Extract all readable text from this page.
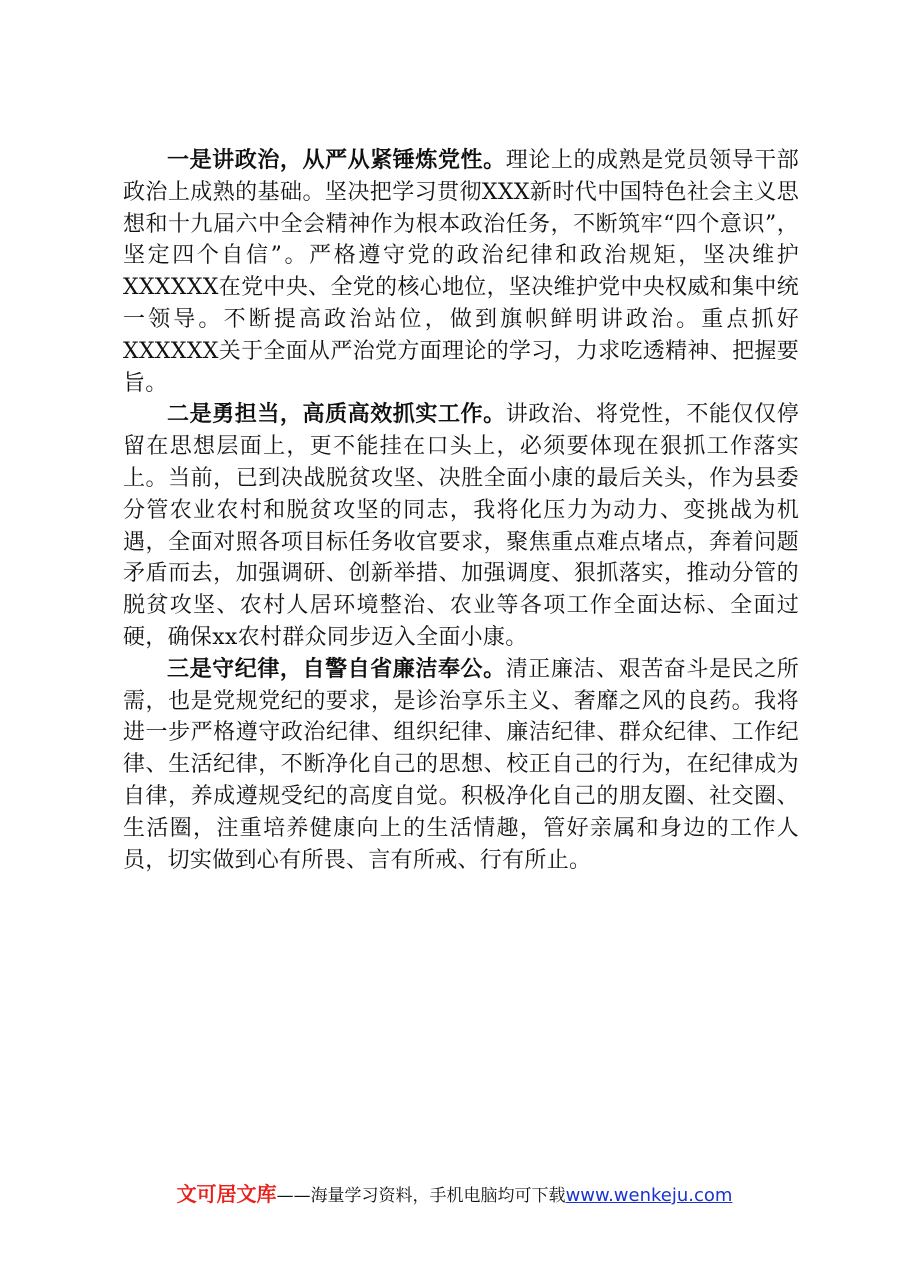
一是讲政治，从严从紧锤炼党性。理论上的成熟是党员领导干部政治上成熟的基础。坚决把学习贯彻XXX新时代中国特色社会主义思想和十九届六中全会精神作为根本政治任务，不断筑牢“四个意识”，坚定四个自信”。严格遵守党的政治纪律和政治规矩，坚决维护XXXXXX在党中央、全党的核心地位，坚决维护党中央权威和集中统一领导。不断提高政治站位，做到旗帜鲜明讲政治。重点抓好XXXXXX关于全面从严治党方面理论的学习，力求吃透精神、把握要旨。

二是勇担当，高质高效抓实工作。讲政治、将党性，不能仅仅停留在思想层面上，更不能挂在口头上，必须要体现在狠抓工作落实上。当前，已到决战脱贫攻坚、决胜全面小康的最后关头，作为县委分管农业农村和脱贫攻坚的同志，我将化压力为动力、变挑战为机遇，全面对照各项目标任务收官要求，聚焦重点难点堵点，奔着问题矛盾而去，加强调研、创新举措、加强调度、狠抓落实，推动分管的脱贫攻坚、农村人居环境整治、农业等各项工作全面达标、全面过硬，确保xx农村群众同步迈入全面小康。

三是守纪律，自警自省廉洁奉公。清正廉洁、艰苦奋斗是民之所需，也是党规党纪的要求，是诊治享乐主义、奢靡之风的良药。我将进一步严格遵守政治纪律、组织纪律、廉洁纪律、群众纪律、工作纪律、生活纪律，不断净化自己的思想、校正自己的行为，在纪律成为自律，养成遵规受纪的高度自觉。积极净化自己的朋友圈、社交圈、生活圈，注重培养健康向上的生活情趣，管好亲属和身边的工作人员，切实做到心有所畏、言有所戒、行有所止。

文可居文库——海量学习资料，手机电脑均可下载www.wenkeju.com
